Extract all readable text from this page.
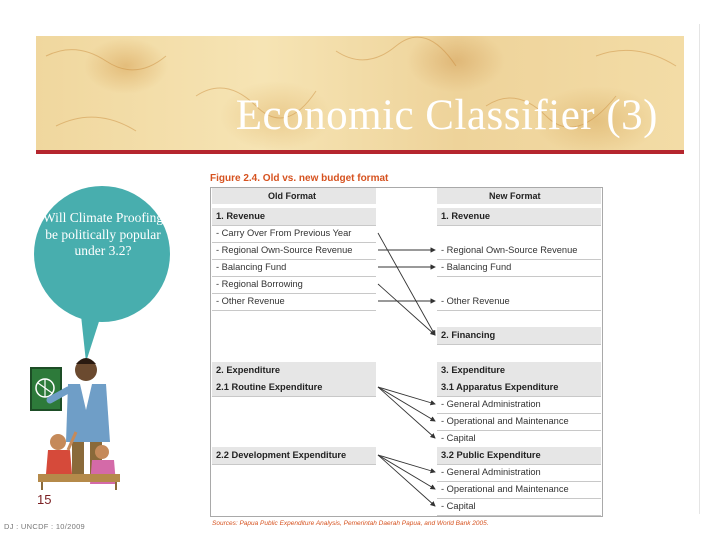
Economic Classifier (3)
Will Climate Proofing be politically popular under 3.2?
15
DJ : UNCDF : 10/2009
Figure 2.4. Old vs. new budget format
Old Format	New Format
1. Revenue
- Carry Over From Previous Year
- Regional Own-Source Revenue
- Balancing Fund
- Regional Borrowing
- Other Revenue
2. Expenditure
2.1 Routine Expenditure
2.2 Development Expenditure
1. Revenue
- Regional Own-Source Revenue
- Balancing Fund
- Other Revenue
2. Financing
3. Expenditure
3.1 Apparatus Expenditure
- General Administration
- Operational and Maintenance
- Capital
3.2 Public Expenditure
- General Administration
- Operational and Maintenance
- Capital
Sources: Papua Public Expenditure Analysis, Pemerintah Daerah Papua, and World Bank 2005.
